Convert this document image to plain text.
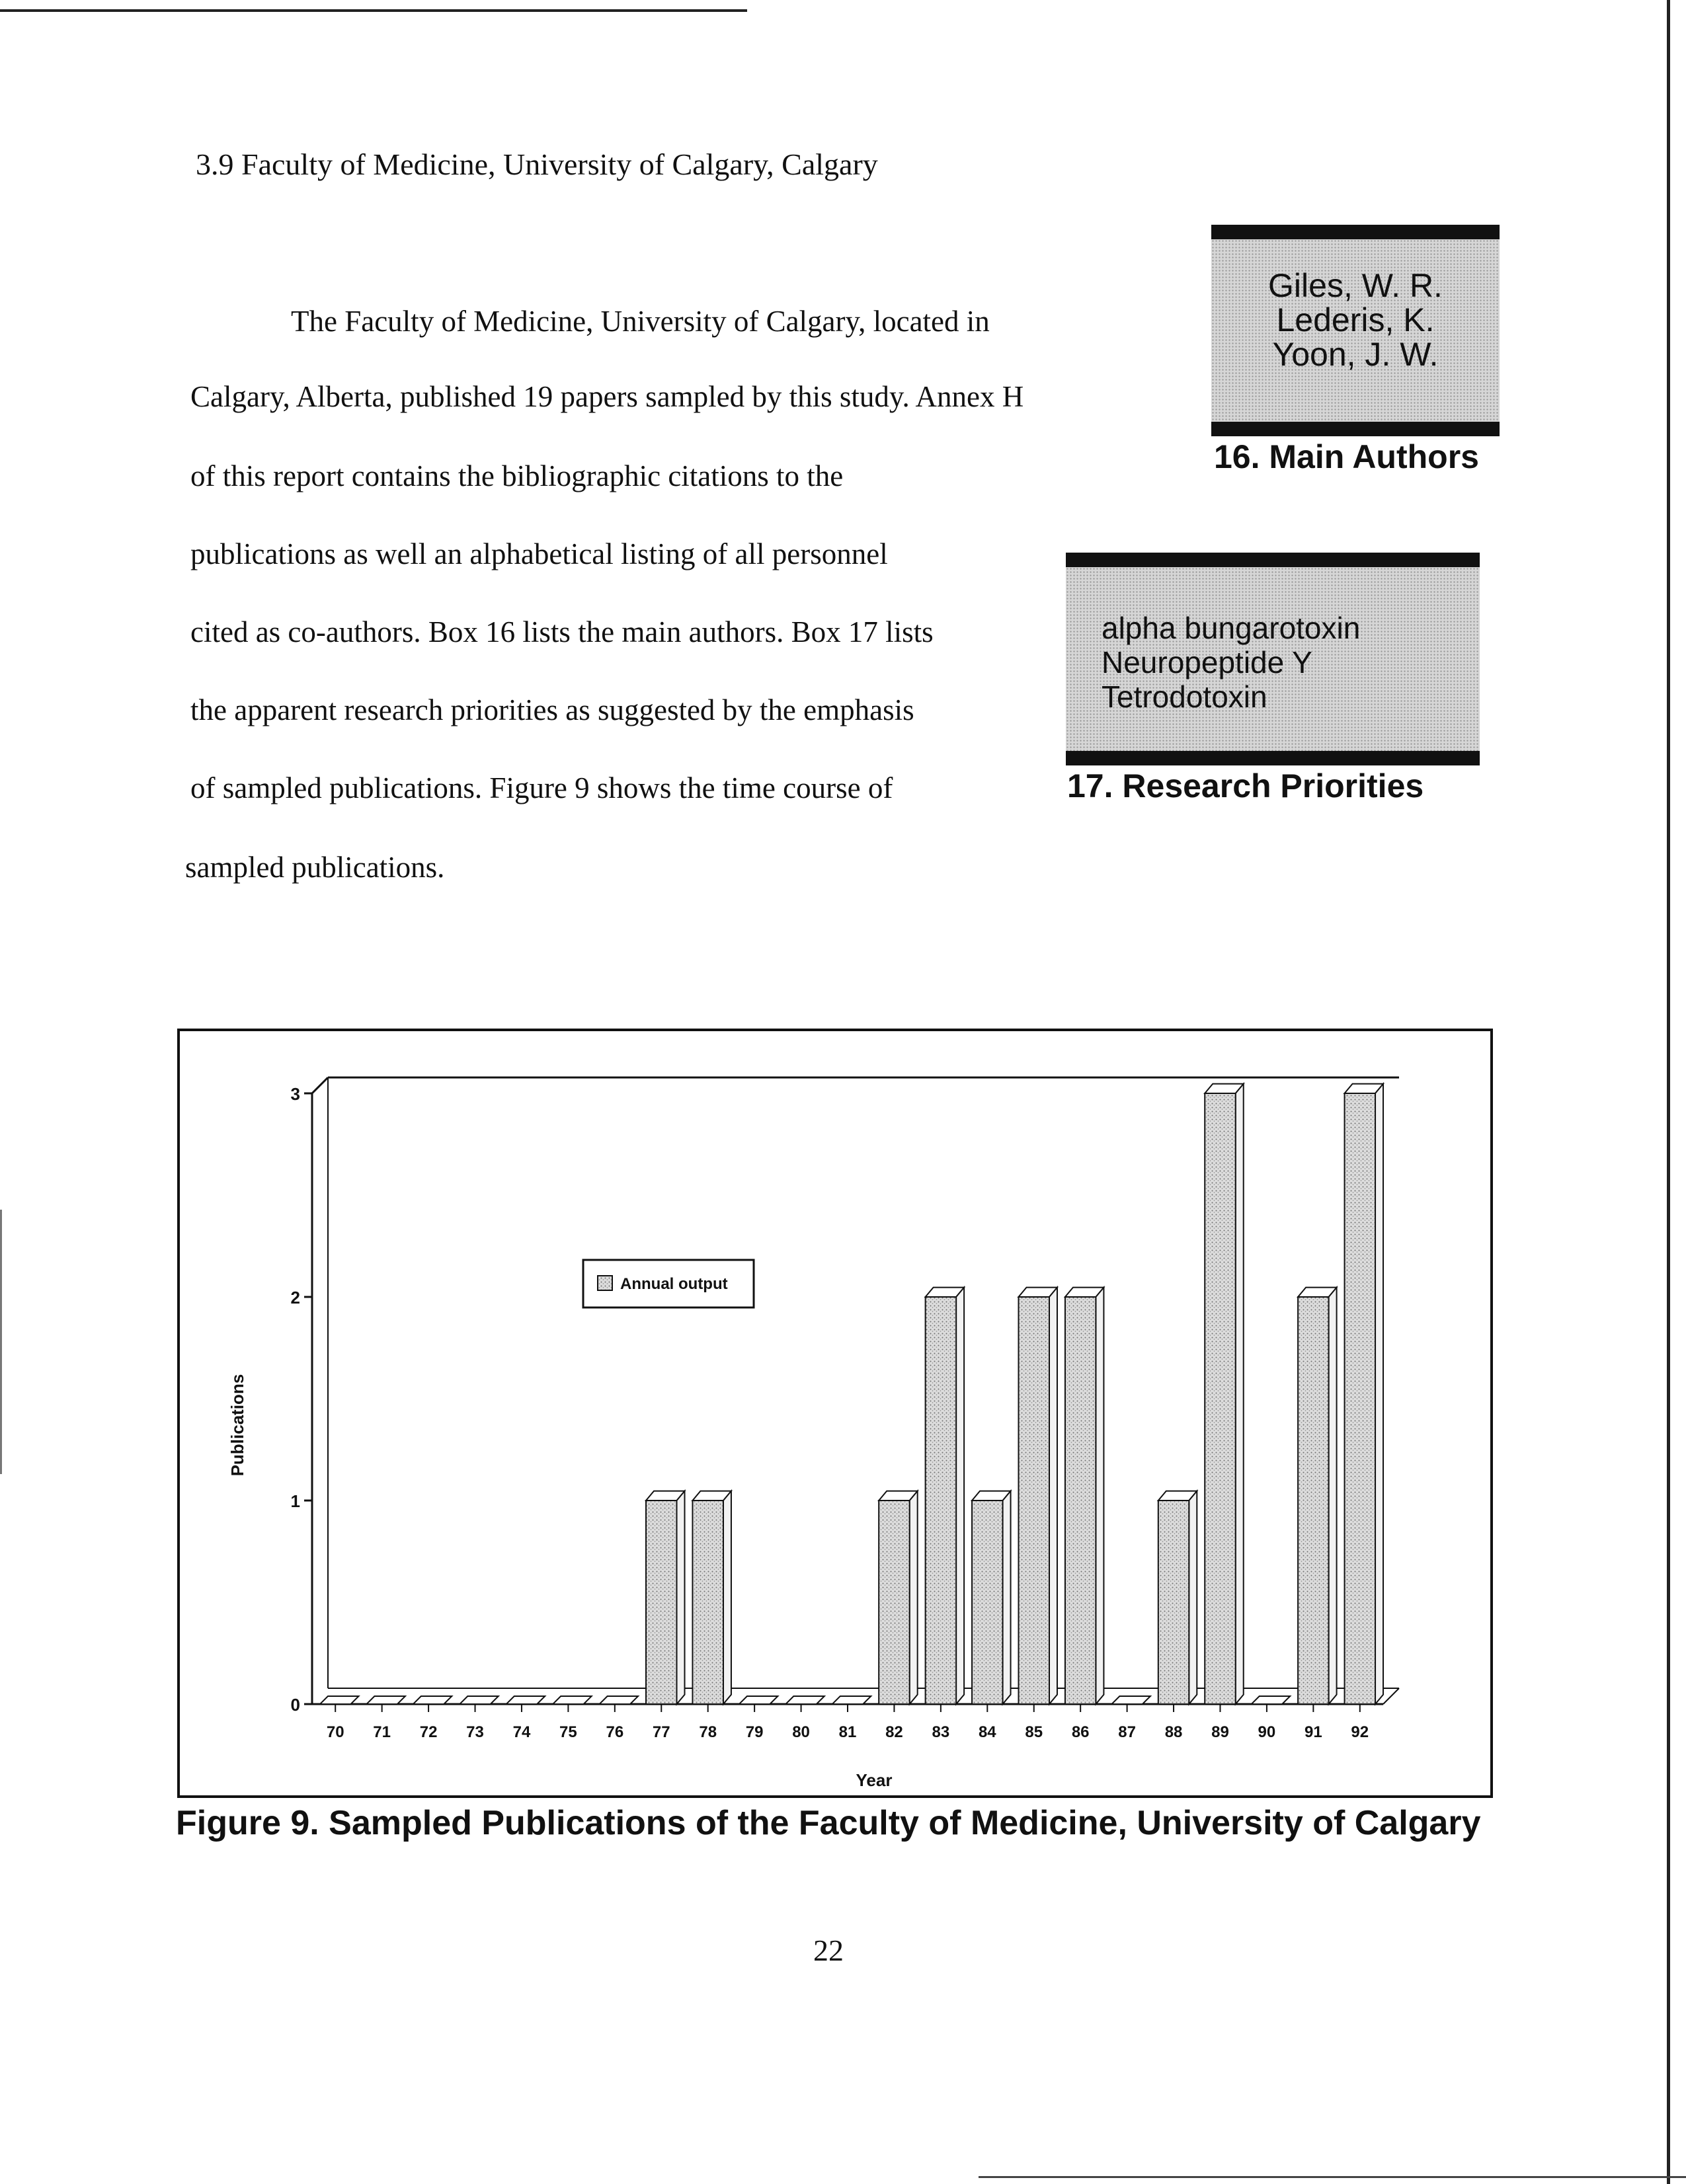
3.9 Faculty of Medicine, University of Calgary, Calgary
The Faculty of Medicine, University of Calgary, located in
Calgary, Alberta, published 19 papers sampled by this study. Annex H
of this report contains the bibliographic citations to the
publications as well an alphabetical listing of all personnel
cited as co-authors. Box 16 lists the main authors. Box 17 lists
the apparent research priorities as suggested by the emphasis
of sampled publications. Figure 9 shows the time course of
sampled publications.
Giles, W. R.
Lederis, K.
Yoon, J. W.
16. Main Authors
alpha bungarotoxin
Neuropeptide Y
Tetrodotoxin
17. Research Priorities
0
1
2
3
70 71 72 73 74 75 76 77 78 79 80 81 82 83 84 85 86 87 88 89 90 91 92
Year
Publications
Annual output
Figure 9. Sampled Publications of the Faculty of Medicine, University of Calgary
22
